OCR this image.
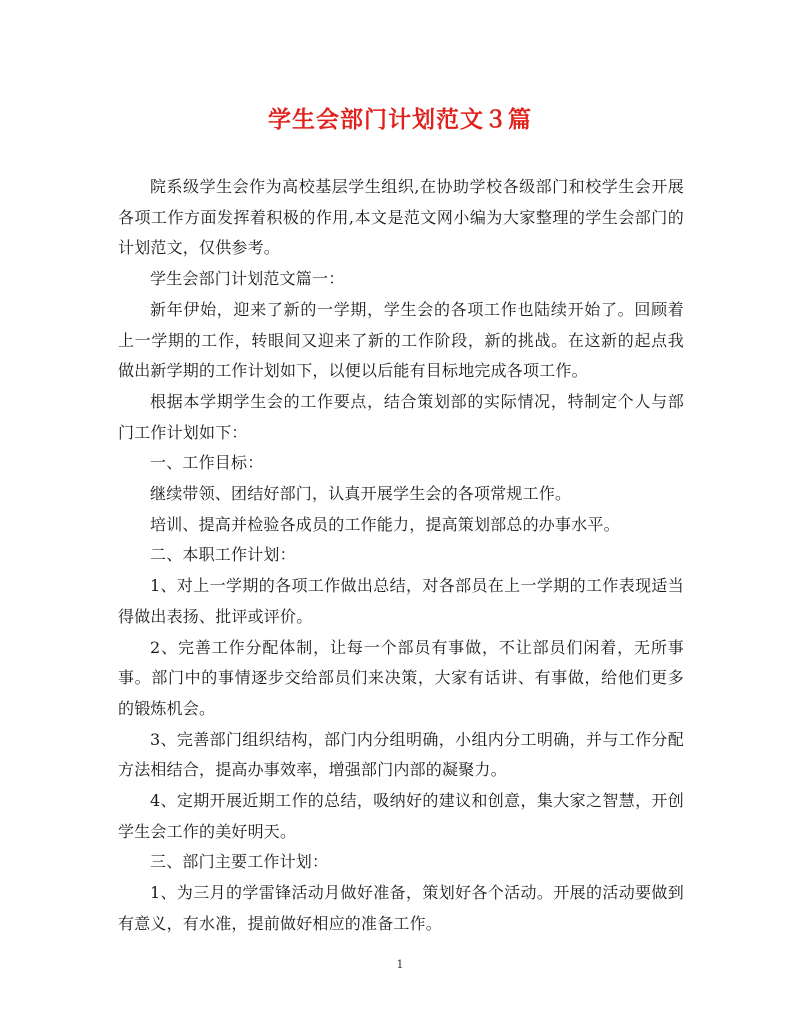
学生会部门计划范文３篇

院系级学生会作为高校基层学生组织,在协助学校各级部门和校学生会开展各项工作方面发挥着积极的作用,本文是范文网小编为大家整理的学生会部门的计划范文，仅供参考。

学生会部门计划范文篇一：

新年伊始，迎来了新的一学期，学生会的各项工作也陆续开始了。回顾着上一学期的工作，转眼间又迎来了新的工作阶段，新的挑战。在这新的起点我做出新学期的工作计划如下，以便以后能有目标地完成各项工作。

根据本学期学生会的工作要点，结合策划部的实际情况，特制定个人与部门工作计划如下：

一、工作目标：

继续带领、团结好部门，认真开展学生会的各项常规工作。

培训、提高并检验各成员的工作能力，提高策划部总的办事水平。

二、本职工作计划：

1、对上一学期的各项工作做出总结，对各部员在上一学期的工作表现适当得做出表扬、批评或评价。

2、完善工作分配体制，让每一个部员有事做，不让部员们闲着，无所事事。部门中的事情逐步交给部员们来决策，大家有话讲、有事做，给他们更多的锻炼机会。

3、完善部门组织结构，部门内分组明确，小组内分工明确，并与工作分配方法相结合，提高办事效率，增强部门内部的凝聚力。

4、定期开展近期工作的总结，吸纳好的建议和创意，集大家之智慧，开创学生会工作的美好明天。

三、部门主要工作计划：

1、为三月的学雷锋活动月做好准备，策划好各个活动。开展的活动要做到有意义，有水准，提前做好相应的准备工作。

1
